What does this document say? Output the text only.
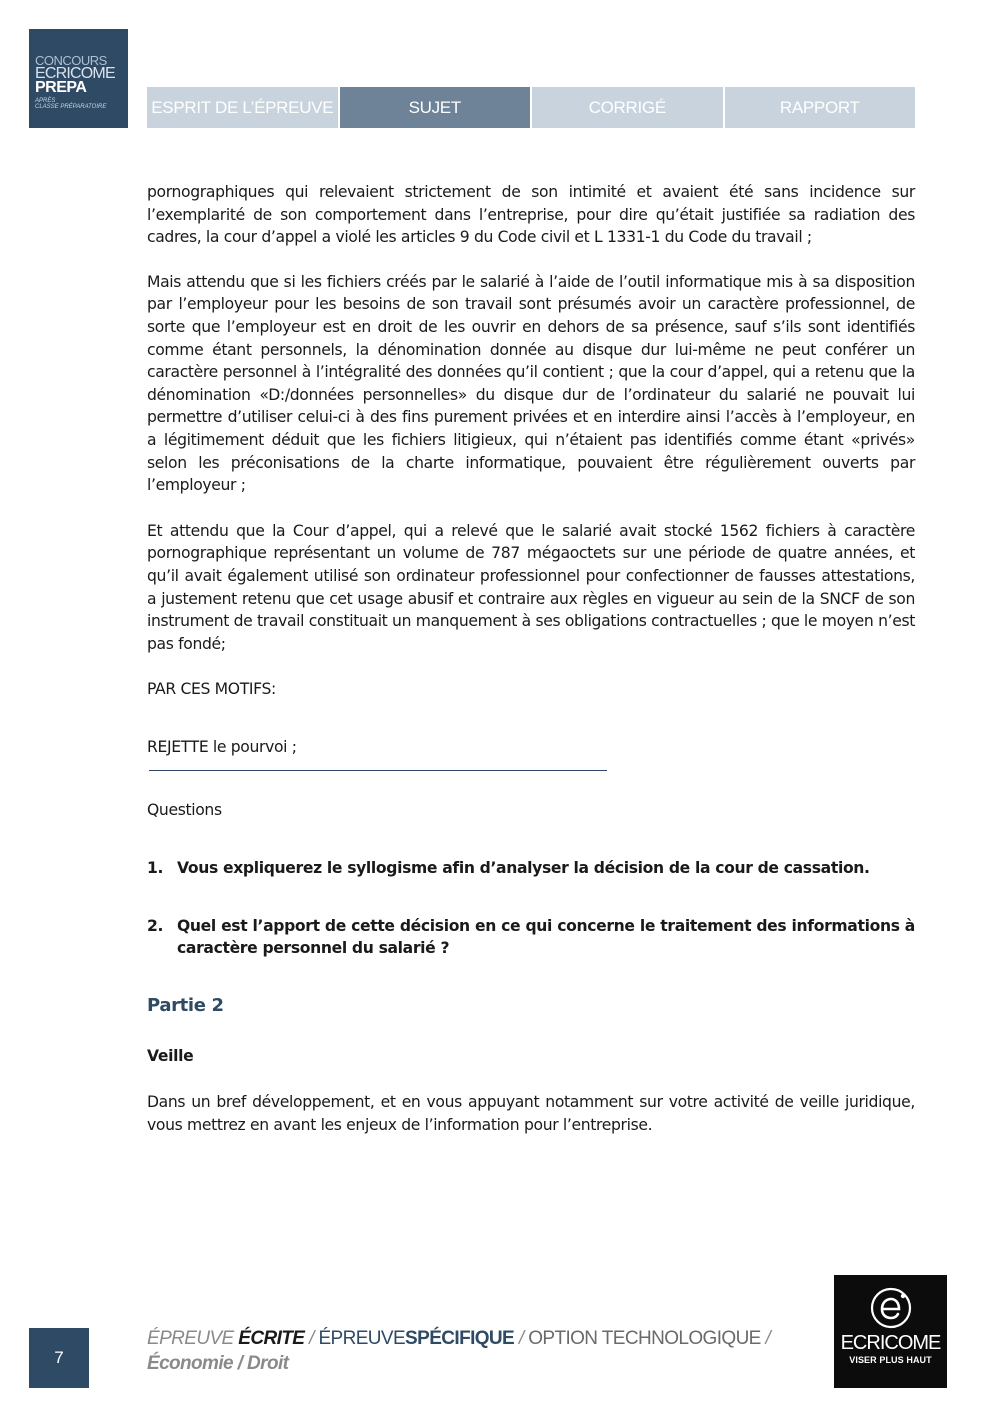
CONCOURS
ECRICOME
PREPA
APRÈS
CLASSE PRÉPARATOIRE	ESPRIT DE L’ÉPREUVE	SUJET	CORRIGÉ	RAPPORT

pornographiques qui relevaient strictement de son intimité et avaient été sans incidence sur l’exemplarité de son comportement dans l’entreprise, pour dire qu’était justifiée sa radiation des cadres, la cour d’appel a violé les articles 9 du Code civil et L 1331-1 du Code du travail ;

Mais attendu que si les fichiers créés par le salarié à l’aide de l’outil informatique mis à sa disposition par l’employeur pour les besoins de son travail sont présumés avoir un caractère professionnel, de sorte que l’employeur est en droit de les ouvrir en dehors de sa présence, sauf s’ils sont identifiés comme étant personnels, la dénomination donnée au disque dur lui-même ne peut conférer un caractère personnel à l’intégralité des données qu’il contient ; que la cour d’appel, qui a retenu que la dénomination «D:/données personnelles» du disque dur de l’ordinateur du salarié ne pouvait lui permettre d’utiliser celui-ci à des fins purement privées et en interdire ainsi l’accès à l’employeur, en a légitimement déduit que les fichiers litigieux, qui n’étaient pas identifiés comme étant «privés» selon les préconisations de la charte informatique, pouvaient être régulièrement ouverts par l’employeur ;

Et attendu que la Cour d’appel, qui a relevé que le salarié avait stocké 1562 fichiers à caractère pornographique représentant un volume de 787 mégaoctets sur une période de quatre années, et qu’il avait également utilisé son ordinateur professionnel pour confectionner de fausses attestations, a justement retenu que cet usage abusif et contraire aux règles en vigueur au sein de la SNCF de son instrument de travail constituait un manquement à ses obligations contractuelles ; que le moyen n’est pas fondé;

PAR CES MOTIFS:

REJETTE le pourvoi ;

Questions

1. Vous expliquerez le syllogisme afin d’analyser la décision de la cour de cassation.
2. Quel est l’apport de cette décision en ce qui concerne le traitement des informations à caractère personnel du salarié ?
Partie 2
Veille

Dans un bref développement, et en vous appuyant notamment sur votre activité de veille juridique, vous mettrez en avant les enjeux de l’information pour l’entreprise.

7
ÉPREUVE ÉCRITE / ÉPREUVESPÉCIFIQUE / OPTION TECHNOLOGIQUE /
Économie / Droit
ECRICOME
VISER PLUS HAUT
